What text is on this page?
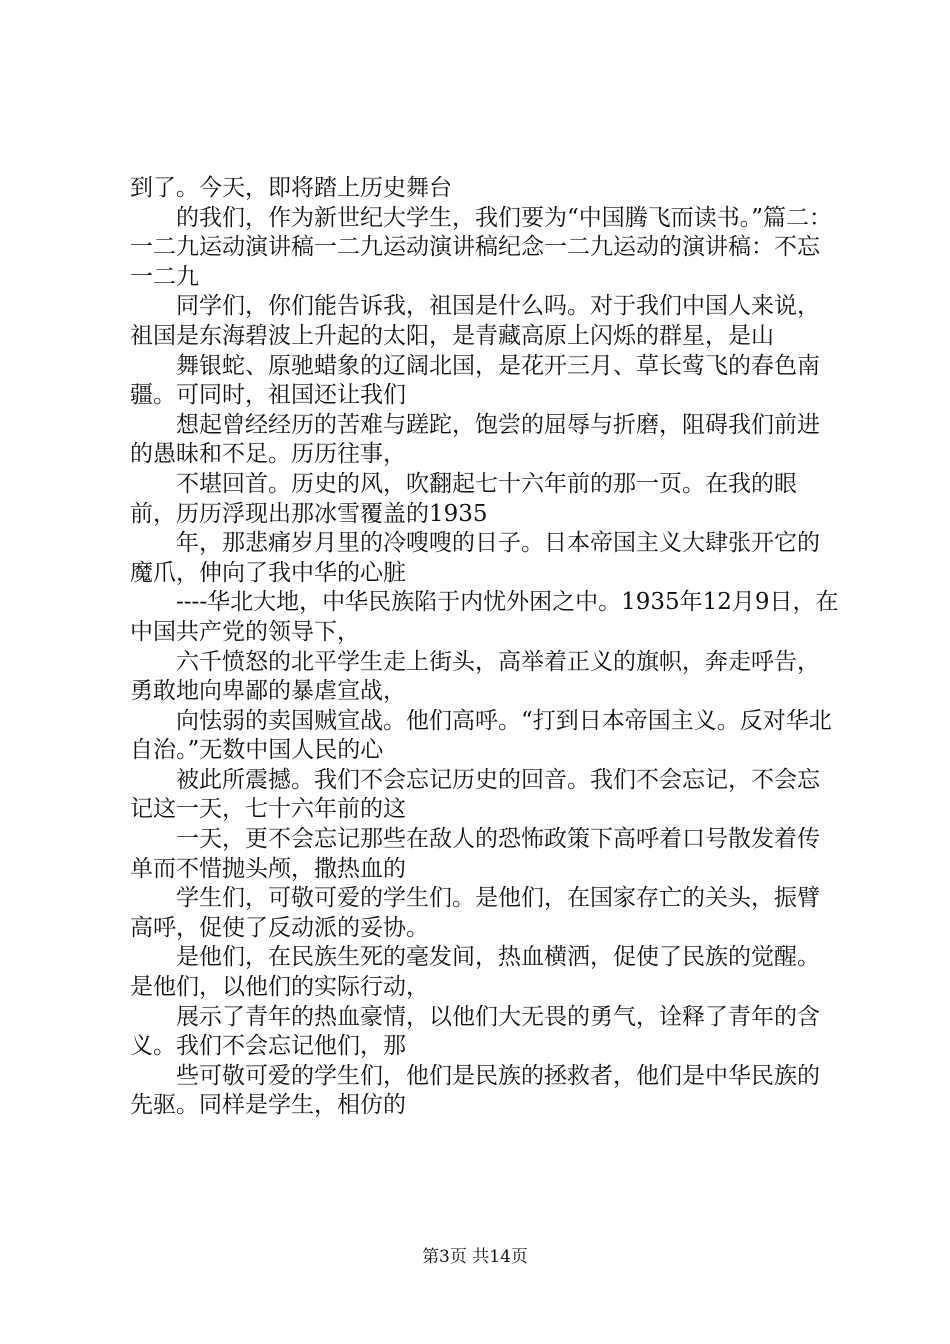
到了。今天，即将踏上历史舞台

的我们，作为新世纪大学生，我们要为“中国腾飞而读书。”篇二：一二九运动演讲稿一二九运动演讲稿纪念一二九运动的演讲稿：不忘一二九

同学们，你们能告诉我，祖国是什么吗。对于我们中国人来说，祖国是东海碧波上升起的太阳，是青藏高原上闪烁的群星，是山

舞银蛇、原驰蜡象的辽阔北国，是花开三月、草长莺飞的春色南疆。可同时，祖国还让我们

想起曾经经历的苦难与蹉跎，饱尝的屈辱与折磨，阻碍我们前进的愚昧和不足。历历往事，

不堪回首。历史的风，吹翻起七十六年前的那一页。在我的眼前，历历浮现出那冰雪覆盖的1935

年，那悲痛岁月里的冷嗖嗖的日子。日本帝国主义大肆张开它的魔爪，伸向了我中华的心脏

----华北大地，中华民族陷于内忧外困之中。1935年12月9日，在中国共产党的领导下，

六千愤怒的北平学生走上街头，高举着正义的旗帜，奔走呼告，勇敢地向卑鄙的暴虐宣战，

向怯弱的卖国贼宣战。他们高呼。“打到日本帝国主义。反对华北自治。”无数中国人民的心

被此所震撼。我们不会忘记历史的回音。我们不会忘记，不会忘记这一天，七十六年前的这

一天，更不会忘记那些在敌人的恐怖政策下高呼着口号散发着传单而不惜抛头颅，撒热血的

学生们，可敬可爱的学生们。是他们，在国家存亡的关头，振臂高呼，促使了反动派的妥协。

是他们，在民族生死的毫发间，热血横洒，促使了民族的觉醒。是他们，以他们的实际行动，

展示了青年的热血豪情，以他们大无畏的勇气，诠释了青年的含义。我们不会忘记他们，那

些可敬可爱的学生们，他们是民族的拯救者，他们是中华民族的先驱。同样是学生，相仿的

第3页 共14页
